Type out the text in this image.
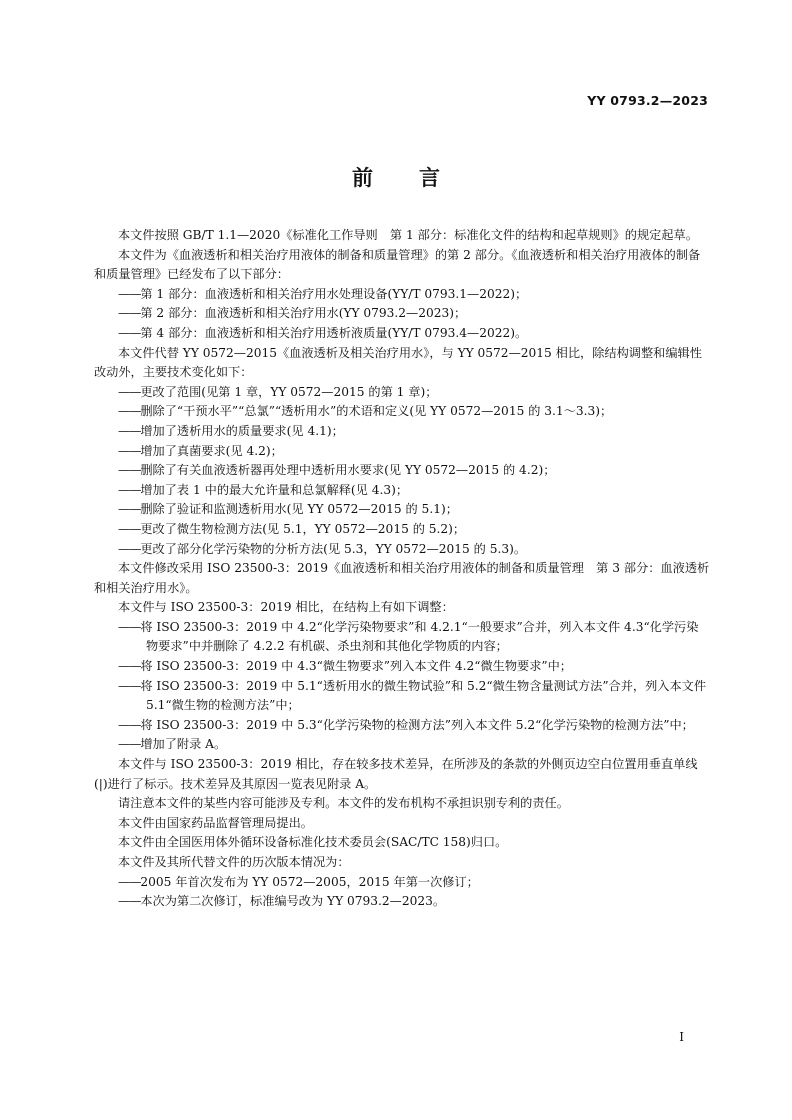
YY 0793.2—2023
前 言

本文件按照 GB/T 1.1—2020《标准化工作导则　第 1 部分：标准化文件的结构和起草规则》的规定起草。

本文件为《血液透析和相关治疗用液体的制备和质量管理》的第 2 部分。《血液透析和相关治疗用液体的制备和质量管理》已经发布了以下部分：

——第 1 部分：血液透析和相关治疗用水处理设备(YY/T 0793.1—2022)；

——第 2 部分：血液透析和相关治疗用水(YY 0793.2—2023)；

——第 4 部分：血液透析和相关治疗用透析液质量(YY/T 0793.4—2022)。

本文件代替 YY 0572—2015《血液透析及相关治疗用水》，与 YY 0572—2015 相比，除结构调整和编辑性改动外，主要技术变化如下：

——更改了范围(见第 1 章，YY 0572—2015 的第 1 章)；

——删除了“干预水平”“总氯”“透析用水”的术语和定义(见 YY 0572—2015 的 3.1～3.3)；

——增加了透析用水的质量要求(见 4.1)；

——增加了真菌要求(见 4.2)；

——删除了有关血液透析器再处理中透析用水要求(见 YY 0572—2015 的 4.2)；

——增加了表 1 中的最大允许量和总氯解释(见 4.3)；

——删除了验证和监测透析用水(见 YY 0572—2015 的 5.1)；

——更改了微生物检测方法(见 5.1，YY 0572—2015 的 5.2)；

——更改了部分化学污染物的分析方法(见 5.3，YY 0572—2015 的 5.3)。

本文件修改采用 ISO 23500-3：2019《血液透析和相关治疗用液体的制备和质量管理　第 3 部分：血液透析和相关治疗用水》。

本文件与 ISO 23500-3：2019 相比，在结构上有如下调整：

——将 ISO 23500-3：2019 中 4.2“化学污染物要求”和 4.2.1“一般要求”合并，列入本文件 4.3“化学污染物要求”中并删除了 4.2.2 有机碳、杀虫剂和其他化学物质的内容；

——将 ISO 23500-3：2019 中 4.3“微生物要求”列入本文件 4.2“微生物要求”中；

——将 ISO 23500-3：2019 中 5.1“透析用水的微生物试验”和 5.2“微生物含量测试方法”合并，列入本文件 5.1“微生物的检测方法”中；

——将 ISO 23500-3：2019 中 5.3“化学污染物的检测方法”列入本文件 5.2“化学污染物的检测方法”中；

——增加了附录 A。

本文件与 ISO 23500-3：2019 相比，存在较多技术差异，在所涉及的条款的外侧页边空白位置用垂直单线(|)进行了标示。技术差异及其原因一览表见附录 A。

请注意本文件的某些内容可能涉及专利。本文件的发布机构不承担识别专利的责任。

本文件由国家药品监督管理局提出。

本文件由全国医用体外循环设备标准化技术委员会(SAC/TC 158)归口。

本文件及其所代替文件的历次版本情况为：

——2005 年首次发布为 YY 0572—2005，2015 年第一次修订；

——本次为第二次修订，标准编号改为 YY 0793.2—2023。

I
